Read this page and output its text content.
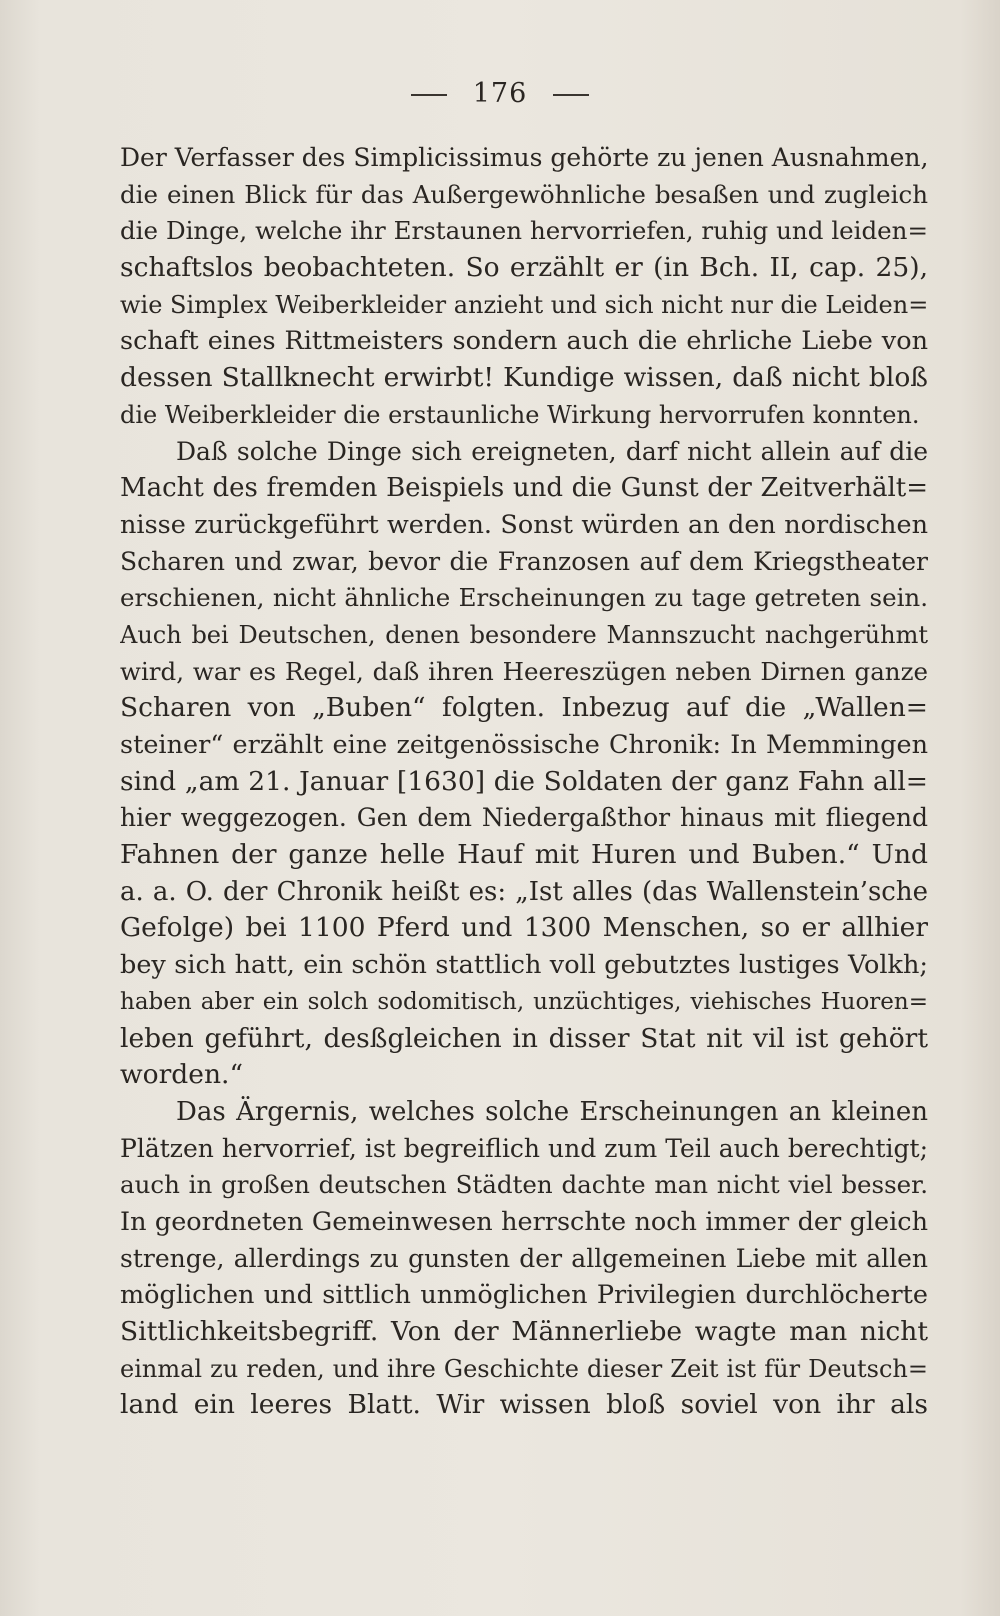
176
Der Verfasser des Simplicissimus gehörte zu jenen Ausnahmen,
die einen Blick für das Außergewöhnliche besaßen und zugleich
die Dinge, welche ihr Erstaunen hervorriefen, ruhig und leiden=
schaftslos beobachteten. So erzählt er (in Bch. II, cap. 25),
wie Simplex Weiberkleider anzieht und sich nicht nur die Leiden=
schaft eines Rittmeisters sondern auch die ehrliche Liebe von
dessen Stallknecht erwirbt! Kundige wissen, daß nicht bloß
die Weiberkleider die erstaunliche Wirkung hervorrufen konnten.
Daß solche Dinge sich ereigneten, darf nicht allein auf die
Macht des fremden Beispiels und die Gunst der Zeitverhält=
nisse zurückgeführt werden. Sonst würden an den nordischen
Scharen und zwar, bevor die Franzosen auf dem Kriegstheater
erschienen, nicht ähnliche Erscheinungen zu tage getreten sein.
Auch bei Deutschen, denen besondere Mannszucht nachgerühmt
wird, war es Regel, daß ihren Heereszügen neben Dirnen ganze
Scharen von „Buben“ folgten. Inbezug auf die „Wallen=
steiner“ erzählt eine zeitgenössische Chronik: In Memmingen
sind „am 21. Januar [1630] die Soldaten der ganz Fahn all=
hier weggezogen. Gen dem Niedergaßthor hinaus mit fliegend
Fahnen der ganze helle Hauf mit Huren und Buben.“ Und
a. a. O. der Chronik heißt es: „Ist alles (das Wallenstein’sche
Gefolge) bei 1100 Pferd und 1300 Menschen, so er allhier
bey sich hatt, ein schön stattlich voll gebutztes lustiges Volkh;
haben aber ein solch sodomitisch, unzüchtiges, viehisches Huoren=
leben geführt, desßgleichen in disser Stat nit vil ist gehört
worden.“
Das Ärgernis, welches solche Erscheinungen an kleinen
Plätzen hervorrief, ist begreiflich und zum Teil auch berechtigt;
auch in großen deutschen Städten dachte man nicht viel besser.
In geordneten Gemeinwesen herrschte noch immer der gleich
strenge, allerdings zu gunsten der allgemeinen Liebe mit allen
möglichen und sittlich unmöglichen Privilegien durchlöcherte
Sittlichkeitsbegriff. Von der Männerliebe wagte man nicht
einmal zu reden, und ihre Geschichte dieser Zeit ist für Deutsch=
land ein leeres Blatt. Wir wissen bloß soviel von ihr als
